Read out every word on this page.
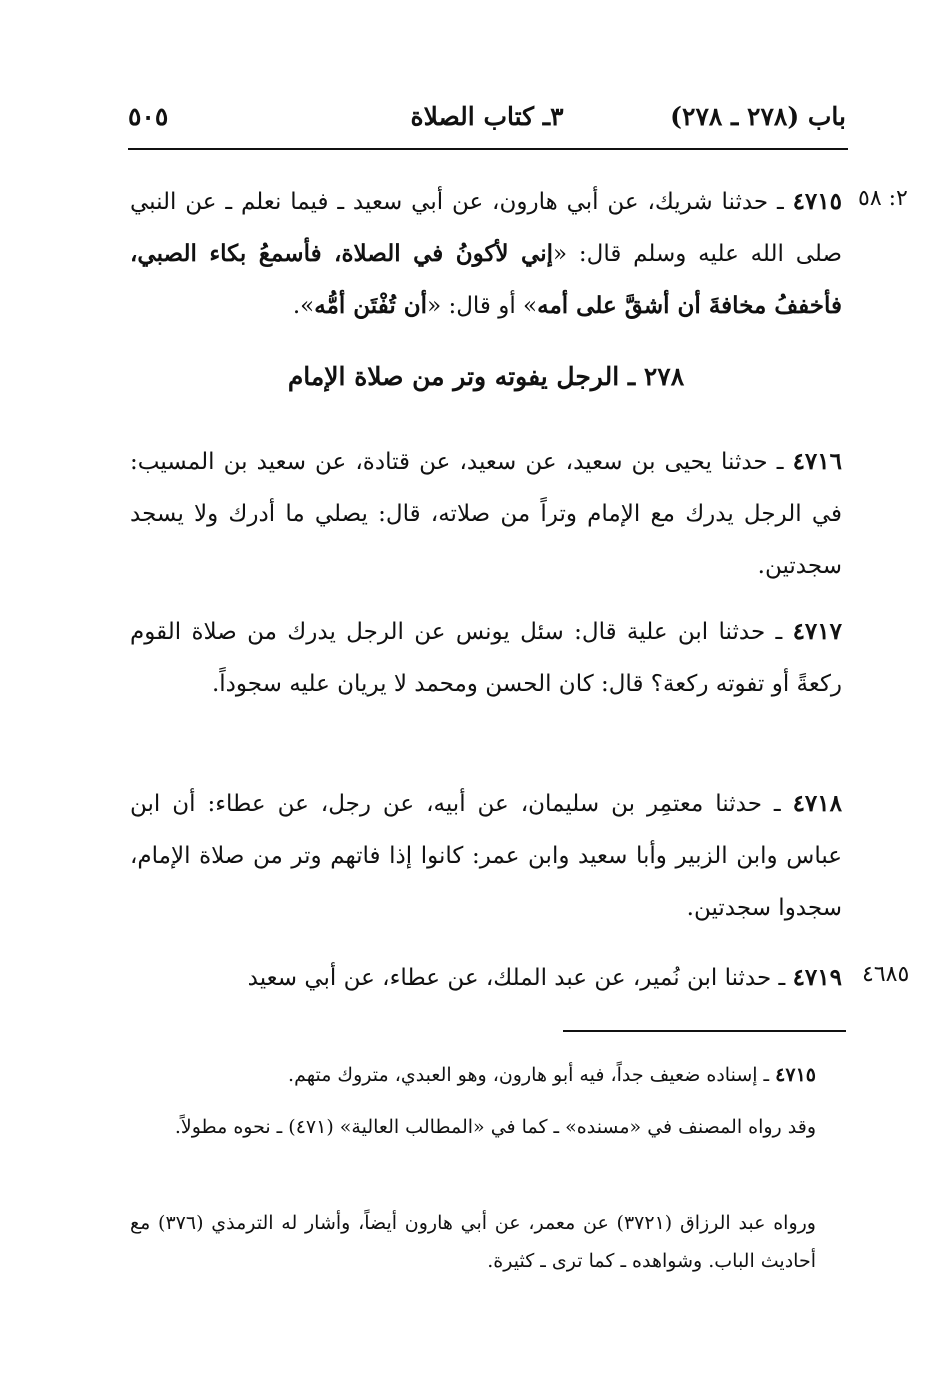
باب (٢٧٨ ـ ٢٧٨)
٣ـ كتاب الصلاة
٥٠٥
٢: ٥٨
٤٧١٥ ـ حدثنا شريك، عن أبي هارون، عن أبي سعيد ـ فيما نعلم ـ عن النبي صلى الله عليه وسلم قال: «إني لأكونُ في الصلاة، فأسمعُ بكاء الصبي، فأخففُ مخافةَ أن أشقَّ على أمه» أو قال: «أن تُفْتَن أمُّه».
٢٧٨ ـ الرجل يفوته وتر من صلاة الإمام
٤٧١٦ ـ حدثنا يحيى بن سعيد، عن سعيد، عن قتادة، عن سعيد بن المسيب: في الرجل يدرك مع الإمام وتراً من صلاته، قال: يصلي ما أدرك ولا يسجد سجدتين.
٤٧١٧ ـ حدثنا ابن علية قال: سئل يونس عن الرجل يدرك من صلاة القوم ركعةً أو تفوته ركعة؟ قال: كان الحسن ومحمد لا يريان عليه سجوداً.
٤٧١٨ ـ حدثنا معتمِر بن سليمان، عن أبيه، عن رجل، عن عطاء: أن ابن عباس وابن الزبير وأبا سعيد وابن عمر: كانوا إذا فاتهم وتر من صلاة الإمام، سجدوا سجدتين.
٤٦٨٥
٤٧١٩ ـ حدثنا ابن نُمير، عن عبد الملك، عن عطاء، عن أبي سعيد
٤٧١٥ ـ إسناده ضعيف جداً، فيه أبو هارون، وهو العبدي، متروك متهم.
وقد رواه المصنف في «مسنده» ـ كما في «المطالب العالية» (٤٧١) ـ نحوه مطولاً.
ورواه عبد الرزاق (٣٧٢١) عن معمر، عن أبي هارون أيضاً، وأشار له الترمذي (٣٧٦) مع أحاديث الباب. وشواهده ـ كما ترى ـ كثيرة.
